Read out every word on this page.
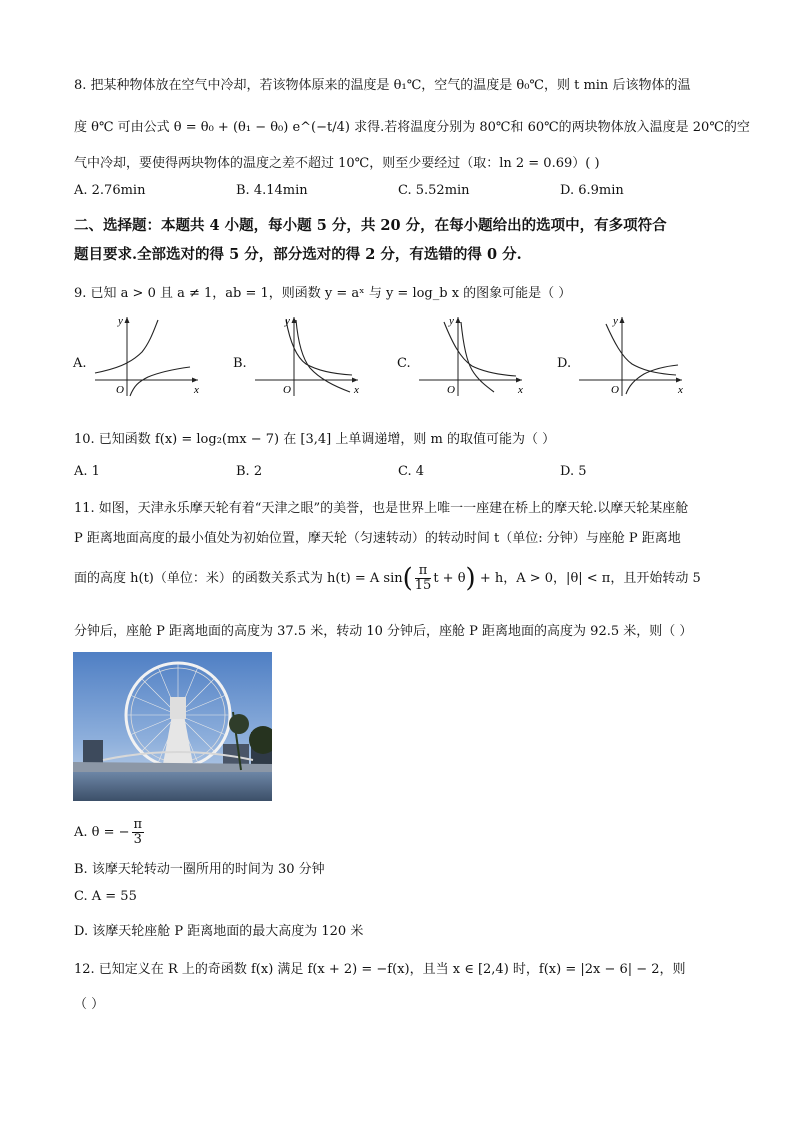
8. 把某种物体放在空气中冷却，若该物体原来的温度是 θ₁℃，空气的温度是 θ₀℃，则 t min 后该物体的温
度 θ℃ 可由公式 θ = θ₀ + (θ₁ − θ₀) e^(−t/4) 求得.若将温度分别为 80℃和 60℃的两块物体放入温度是 20℃的空
气中冷却，要使得两块物体的温度之差不超过 10℃，则至少要经过（取：ln 2 = 0.69）( )
A. 2.76min	B. 4.14min	C. 5.52min	D. 6.9min
二、选择题：本题共 4 小题，每小题 5 分，共 20 分，在每小题给出的选项中，有多项符合
题目要求.全部选对的得 5 分，部分选对的得 2 分，有选错的得 0 分.
9. 已知 a > 0 且 a ≠ 1，ab = 1，则函数 y = aˣ 与 y = log_b x 的图象可能是（ ）
A.
y
x
O
B.
y
x
O
C.
y
x
O
D.
y
x
O
10. 已知函数 f(x) = log₂(mx − 7) 在 [3,4] 上单调递增，则 m 的取值可能为（ ）
A. 1	B. 2	C. 4	D. 5
11. 如图，天津永乐摩天轮有着“天津之眼”的美誉，也是世界上唯一一座建在桥上的摩天轮.以摩天轮某座舱
P 距离地面高度的最小值处为初始位置，摩天轮（匀速转动）的转动时间 t（单位: 分钟）与座舱 P 距离地
面的高度 h(t)（单位：米）的函数关系式为 h(t) = A $\sin( \frac{\pi}{15}$ t + θ) + h，A > 0，|θ| < π，且开始转动 5
分钟后，座舱 P 距离地面的高度为 37.5 米，转动 10 分钟后，座舱 P 距离地面的高度为 92.5 米，则（ ）
A. θ = − $\frac{\pi}{3}$
B. 该摩天轮转动一圈所用的时间为 30 分钟
C. A = 55
D. 该摩天轮座舱 P 距离地面的最大高度为 120 米
12. 已知定义在 R 上的奇函数 f(x) 满足 f(x + 2) = −f(x)，且当 x ∈ [2,4) 时，f(x) = |2x − 6| − 2，则
（ ）
